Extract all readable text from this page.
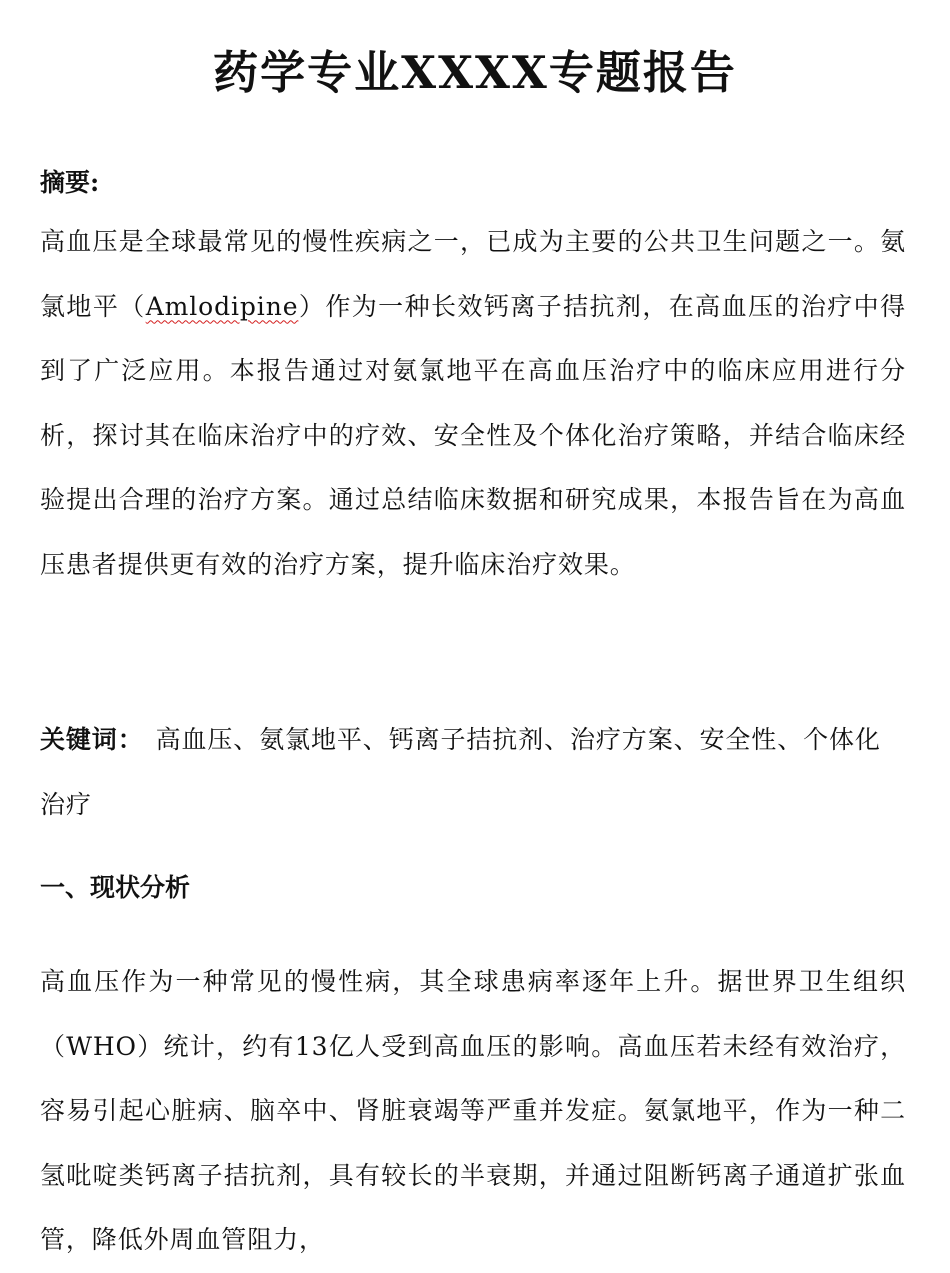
药学专业XXXX专题报告

摘要:

高血压是全球最常见的慢性疾病之一，已成为主要的公共卫生问题之一。氨氯地平（Amlodipine）作为一种长效钙离子拮抗剂，在高血压的治疗中得到了广泛应用。本报告通过对氨氯地平在高血压治疗中的临床应用进行分析，探讨其在临床治疗中的疗效、安全性及个体化治疗策略，并结合临床经验提出合理的治疗方案。通过总结临床数据和研究成果，本报告旨在为高血压患者提供更有效的治疗方案，提升临床治疗效果。

关键词： 高血压、氨氯地平、钙离子拮抗剂、治疗方案、安全性、个体化治疗

一、现状分析

高血压作为一种常见的慢性病，其全球患病率逐年上升。据世界卫生组织（WHO）统计，约有13亿人受到高血压的影响。高血压若未经有效治疗，容易引起心脏病、脑卒中、肾脏衰竭等严重并发症。氨氯地平，作为一种二氢吡啶类钙离子拮抗剂，具有较长的半衰期，并通过阻断钙离子通道扩张血管，降低外周血管阻力，
